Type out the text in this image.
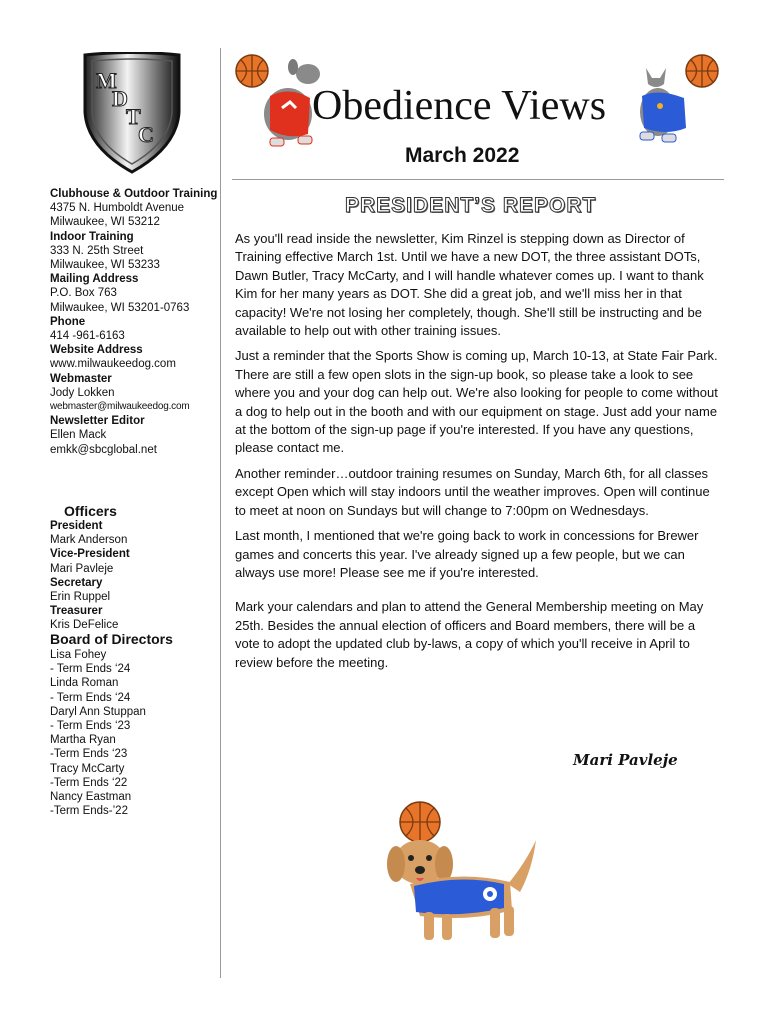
M
D
T
C
Obedience Views
March 2022
Clubhouse & Outdoor Training
4375 N. Humboldt Avenue
Milwaukee, WI 53212
Indoor Training
333 N. 25th Street
Milwaukee, WI 53233
Mailing Address
P.O. Box 763
Milwaukee, WI 53201-0763
Phone
414 -961-6163
Website Address
www.milwaukeedog.com
Webmaster
Jody Lokken
webmaster@milwaukeedog.com
Newsletter Editor
Ellen Mack
emkk@sbcglobal.net
Officers
President
Mark Anderson
Vice-President
Mari Pavleje
Secretary
Erin Ruppel
Treasurer
Kris DeFelice
Board of Directors
Lisa Fohey
- Term Ends ‘24
Linda Roman
- Term Ends ‘24
Daryl Ann Stuppan
- Term Ends ‘23
Martha Ryan
-Term Ends ‘23
Tracy McCarty
-Term Ends ‘22
Nancy Eastman
-Term Ends-’22
PRESIDENT’S REPORT

As you'll read inside the newsletter, Kim Rinzel is stepping down as Director of Training effective March 1st. Until we have a new DOT, the three assistant DOTs, Dawn Butler, Tracy McCarty, and I will handle whatever comes up. I want to thank Kim for her many years as DOT. She did a great job, and we'll miss her in that capacity! We're not losing her completely, though. She'll still be instructing and be available to help out with other training issues.

Just a reminder that the Sports Show is coming up, March 10-13, at State Fair Park. There are still a few open slots in the sign-up book, so please take a look to see where you and your dog can help out. We're also looking for people to come without a dog to help out in the booth and with our equipment on stage. Just add your name at the bottom of the sign-up page if you're interested. If you have any questions, please contact me.

Another reminder…outdoor training resumes on Sunday, March 6th, for all classes except Open which will stay indoors until the weather improves. Open will continue to meet at noon on Sundays but will change to 7:00pm on Wednesdays.

Last month, I mentioned that we're going back to work in concessions for Brewer games and concerts this year. I've already signed up a few people, but we can always use more! Please see me if you're interested.

Mark your calendars and plan to attend the General Membership meeting on May 25th. Besides the annual election of officers and Board members, there will be a vote to adopt the updated club by-laws, a copy of which you'll receive in April to review before the meeting.

Mari Pavleje
